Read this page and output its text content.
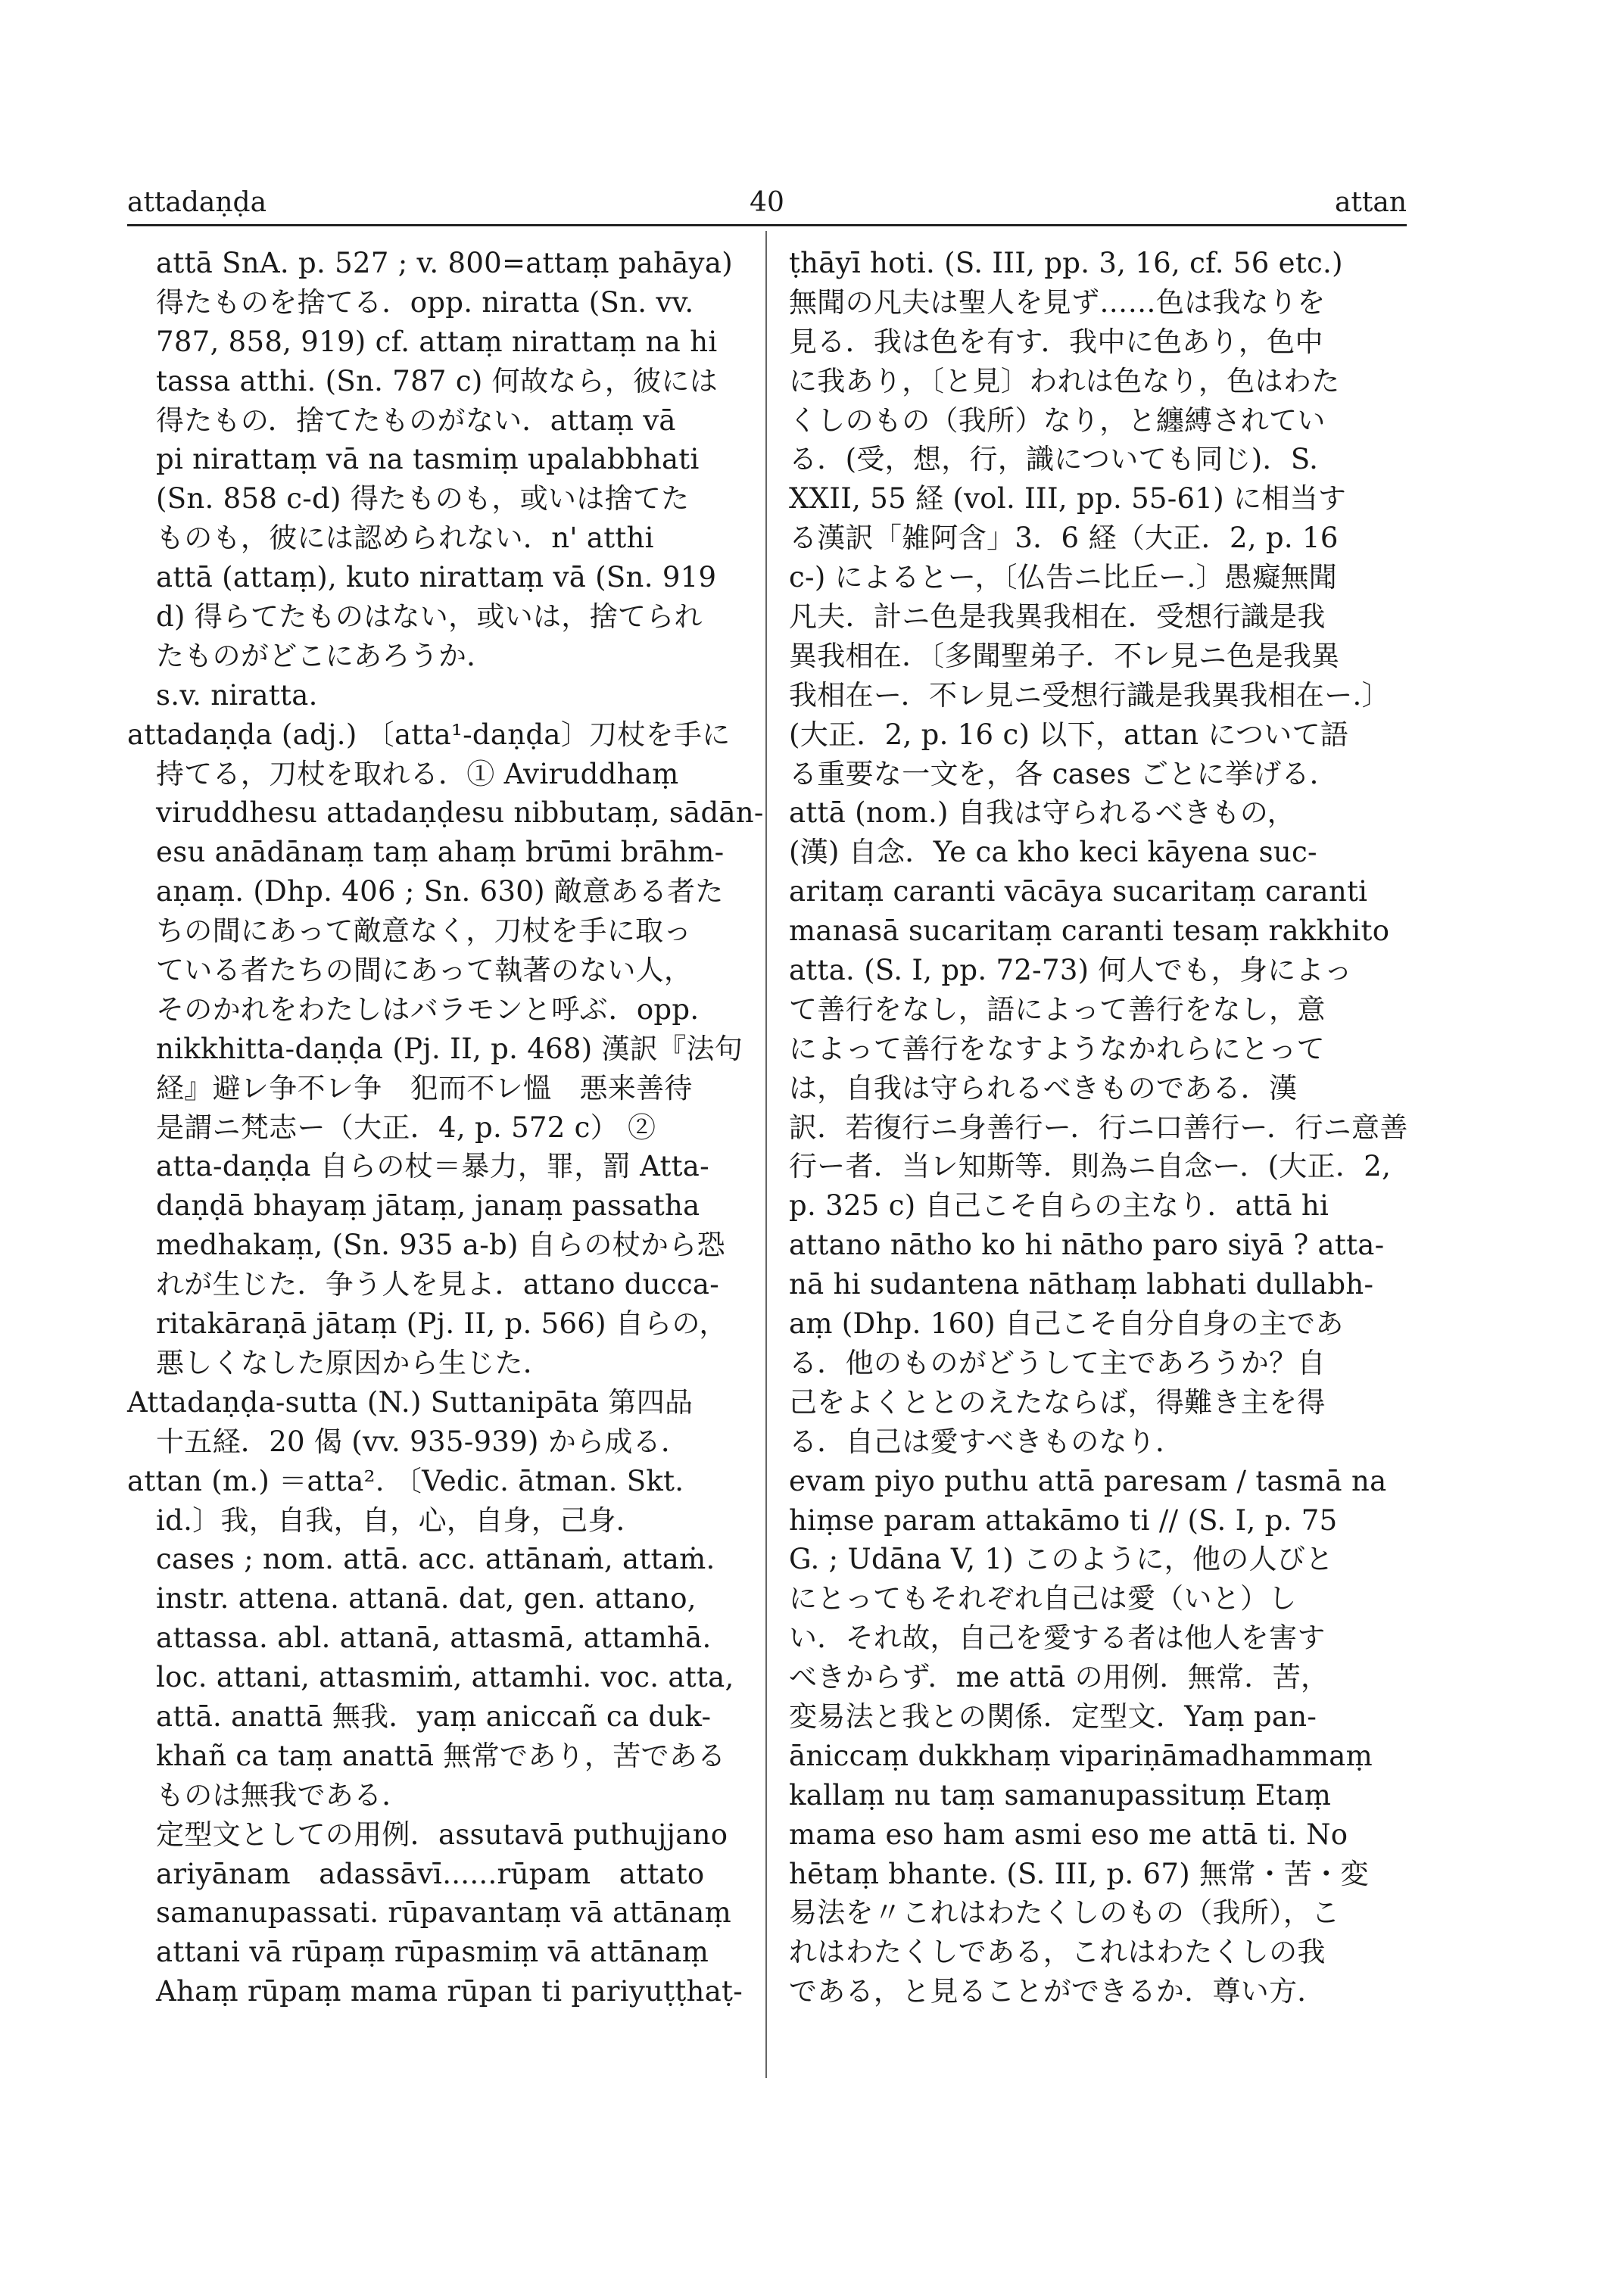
attadaṇḍa	40	attan
attā SnA. p. 527 ; v. 800=attaṃ pahāya)
得たものを捨てる．opp. niratta (Sn. vv.
787, 858, 919) cf. attaṃ nirattaṃ na hi
tassa atthi. (Sn. 787 c) 何故なら，彼には
得たもの．捨てたものがない．attaṃ vā
pi nirattaṃ vā na tasmiṃ upalabbhati
(Sn. 858 c-d) 得たものも，或いは捨てた
ものも，彼には認められない．n' atthi
attā (attaṃ), kuto nirattaṃ vā (Sn. 919
d) 得らてたものはない，或いは，捨てられ
たものがどこにあろうか．
s.v. niratta.
attadaṇḍa (adj.) 〔atta¹-daṇḍa〕刀杖を手に
持てる，刀杖を取れる．① Aviruddhaṃ
viruddhesu attadaṇḍesu nibbutaṃ, sādān-
esu anādānaṃ taṃ ahaṃ brūmi brāhm-
aṇaṃ. (Dhp. 406 ; Sn. 630) 敵意ある者た
ちの間にあって敵意なく，刀杖を手に取っ
ている者たちの間にあって執著のない人，
そのかれをわたしはバラモンと呼ぶ．opp.
nikkhitta-daṇḍa (Pj. II, p. 468) 漢訳『法句
経』避レ争不レ争　犯而不レ慍　悪来善待
是謂ニ梵志ー（大正．4, p. 572 c） ②
atta-daṇḍa 自らの杖＝暴力，罪，罰 Atta-
daṇḍā bhayaṃ jātaṃ, janaṃ passatha
medhakaṃ, (Sn. 935 a-b) 自らの杖から恐
れが生じた．争う人を見よ．attano ducca-
ritakāraṇā jātaṃ (Pj. II, p. 566) 自らの，
悪しくなした原因から生じた．
Attadaṇḍa-sutta (N.) Suttanipāta 第四品
十五経．20 偈 (vv. 935-939) から成る．
attan (m.) ＝atta². 〔Vedic. ātman. Skt.
id.〕我，自我，自，心，自身，己身．
cases ; nom. attā. acc. attānaṁ, attaṁ.
instr. attena. attanā. dat, gen. attano,
attassa. abl. attanā, attasmā, attamhā.
loc. attani, attasmiṁ, attamhi. voc. atta,
attā. anattā 無我．yaṃ aniccañ ca duk-
khañ ca taṃ anattā 無常であり，苦である
ものは無我である．
定型文としての用例．assutavā puthujjano
ariyānam　adassāvī......rūpam　attato
samanupassati. rūpavantaṃ vā attānaṃ
attani vā rūpaṃ rūpasmiṃ vā attānaṃ
Ahaṃ rūpaṃ mama rūpan ti pariyuṭṭhaṭ-
ṭhāyī hoti. (S. III, pp. 3, 16, cf. 56 etc.)
無聞の凡夫は聖人を見ず……色は我なりを
見る．我は色を有す．我中に色あり，色中
に我あり，〔と見〕われは色なり，色はわた
くしのもの（我所）なり，と纏縛されてい
る．(受，想，行，識についても同じ)．S.
XXII, 55 経 (vol. III, pp. 55-61) に相当す
る漢訳「雑阿含」3．6 経（大正．2, p. 16
c-) によるとー，〔仏告ニ比丘ー.〕愚癡無聞
凡夫．計ニ色是我異我相在．受想行識是我
異我相在．〔多聞聖弟子．不レ見ニ色是我異
我相在ー．不レ見ニ受想行識是我異我相在ー.〕
(大正．2, p. 16 c) 以下，attan について語
る重要な一文を，各 cases ごとに挙げる．
attā (nom.) 自我は守られるべきもの，
(漢) 自念．Ye ca kho keci kāyena suc-
aritaṃ caranti vācāya sucaritaṃ caranti
manasā sucaritaṃ caranti tesaṃ rakkhito
atta. (S. I, pp. 72-73) 何人でも，身によっ
て善行をなし，語によって善行をなし，意
によって善行をなすようなかれらにとって
は，自我は守られるべきものである．漢
訳．若復行ニ身善行ー．行ニ口善行ー．行ニ意善
行ー者．当レ知斯等．則為ニ自念ー．(大正．2,
p. 325 c) 自己こそ自らの主なり．attā hi
attano nātho ko hi nātho paro siyā ? atta-
nā hi sudantena nāthaṃ labhati dullabh-
aṃ (Dhp. 160) 自己こそ自分自身の主であ
る．他のものがどうして主であろうか？自
己をよくととのえたならば，得難き主を得
る．自己は愛すべきものなり．
evam piyo puthu attā paresam / tasmā na
hiṃse param attakāmo ti // (S. I, p. 75
G. ; Udāna V, 1) このように，他の人びと
にとってもそれぞれ自己は愛（いと）し
い．それ故，自己を愛する者は他人を害す
べきからず．me attā の用例．無常．苦，
変易法と我との関係．定型文．Yaṃ pan-
āniccaṃ dukkhaṃ vipariṇāmadhammaṃ
kallaṃ nu taṃ samanupassituṃ Etaṃ
mama eso ham asmi eso me attā ti. No
hētaṃ bhante. (S. III, p. 67) 無常・苦・変
易法を〃これはわたくしのもの（我所），こ
れはわたくしである，これはわたくしの我
である，と見ることができるか．尊い方．
